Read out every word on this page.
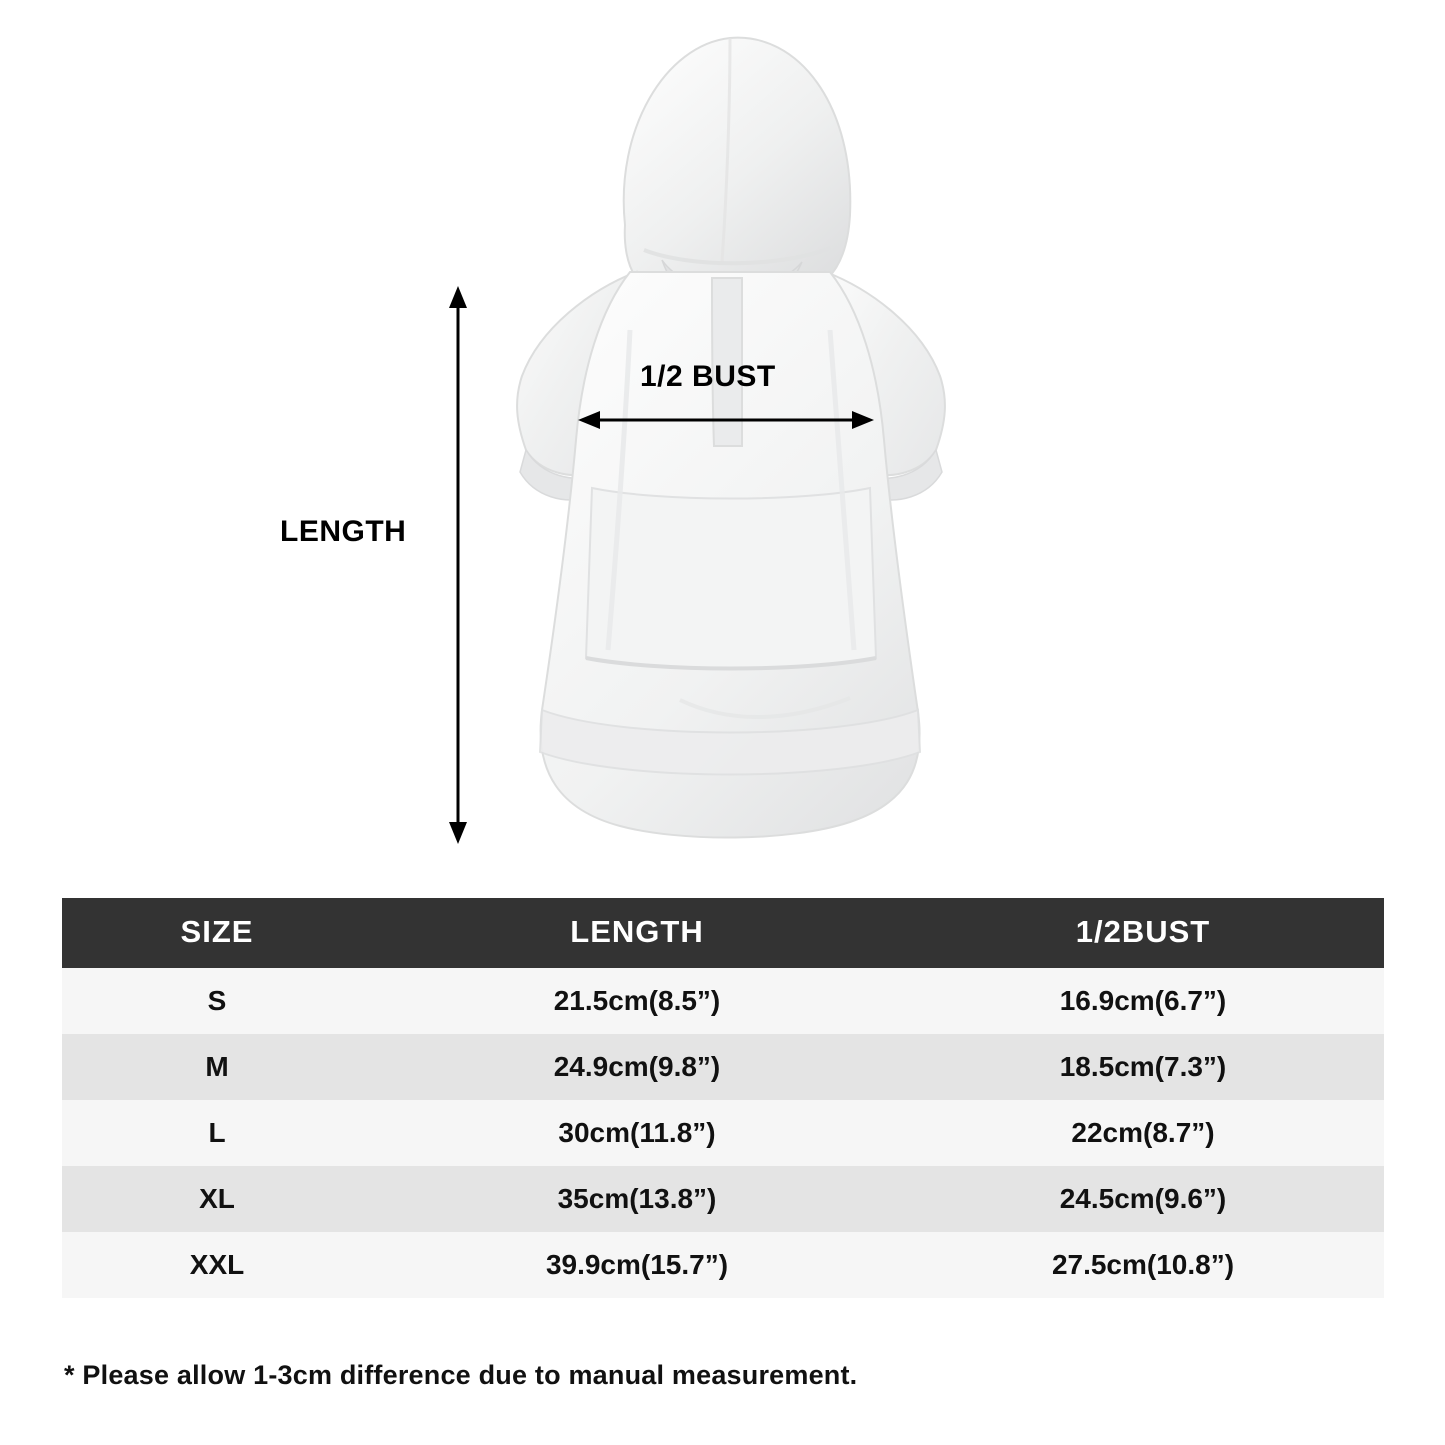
LENGTH
1/2 BUST
SIZE	LENGTH	1/2BUST
S	21.5cm(8.5”)	16.9cm(6.7”)
M	24.9cm(9.8”)	18.5cm(7.3”)
L	30cm(11.8”)	22cm(8.7”)
XL	35cm(13.8”)	24.5cm(9.6”)
XXL	39.9cm(15.7”)	27.5cm(10.8”)
* Please allow 1-3cm difference due to manual measurement.
